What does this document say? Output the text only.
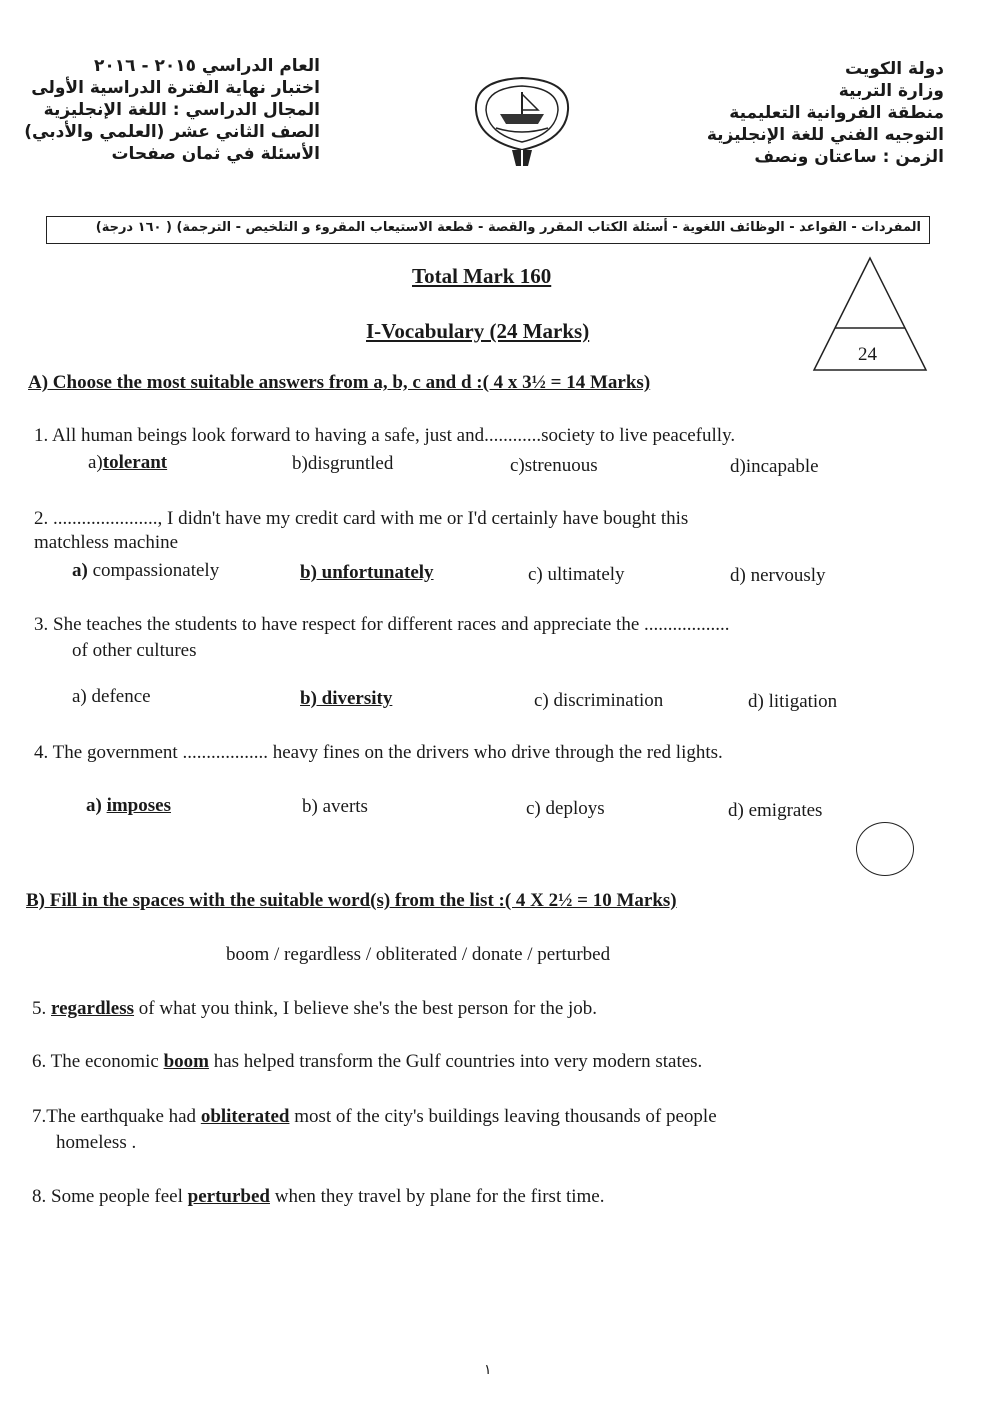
دولة الكويت
وزارة التربية
منطقة الفروانية التعليمية
التوجيه الفني للغة الإنجليزية
الزمن : ساعتان ونصف
العام الدراسي ٢٠١٥ - ٢٠١٦
اختبار نهاية الفترة الدراسية الأولى
المجال الدراسي : اللغة الإنجليزية
الصف الثاني عشر (العلمي والأدبي)
الأسئلة في ثمان صفحات
المفردات - القواعد - الوظائف اللغوية - أسئلة الكتاب المقرر والقصة - قطعة الاستيعاب المقروء و التلخيص - الترجمة) ( ١٦٠ درجة)
Total Mark 160
I-Vocabulary (24 Marks)
24
A) Choose the most suitable answers from a, b, c and d :( 4 x 3½ = 14 Marks)
1. All human beings look forward to having a safe, just and............society to live peacefully.
a)tolerant	b)disgruntled	c)strenuous	d)incapable
2. ......................, I didn't have my credit card with me or I'd certainly have bought this
matchless machine
a) compassionately	b) unfortunately	c) ultimately	d) nervously
3. She teaches the students to have respect for different races and appreciate the ..................
of other cultures
a) defence	b) diversity	c) discrimination	d) litigation
4. The government .................. heavy fines on the drivers who drive through the red lights.
a) imposes	b) averts	c) deploys	d) emigrates
B) Fill in the spaces with the suitable word(s) from the list :( 4 X 2½ = 10 Marks)
boom / regardless / obliterated / donate / perturbed
5. regardless of what you think, I believe she's the best person for the job.
6. The economic boom has helped transform the Gulf countries into very modern states.
7.The earthquake had obliterated most of the city's buildings leaving thousands of people
homeless .
8. Some people feel perturbed when they travel by plane for the first time.
١
